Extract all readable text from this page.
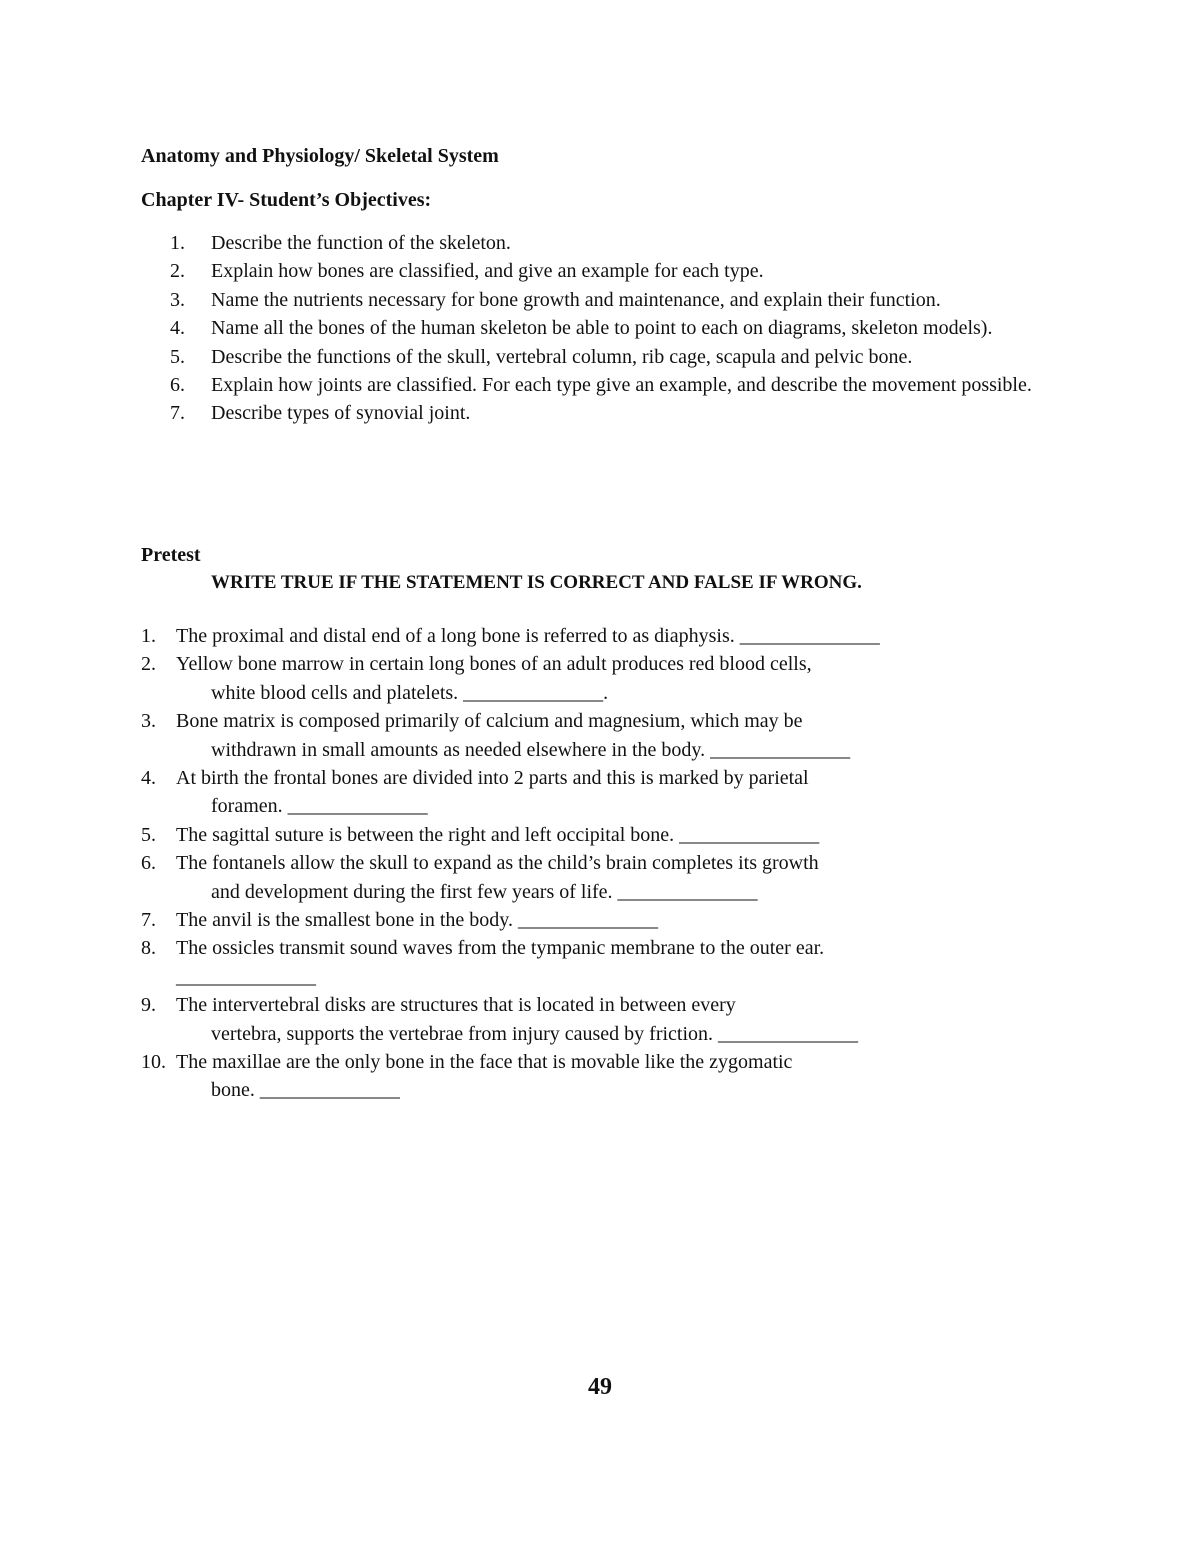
Anatomy and Physiology/ Skeletal System
Chapter IV- Student’s Objectives:
1. Describe the function of the skeleton.
2. Explain how bones are classified, and give an example for each type.
3. Name the nutrients necessary for bone growth and maintenance, and explain their function.
4. Name all the bones of the human skeleton be able to point to each on diagrams, skeleton models).
5. Describe the functions of the skull, vertebral column, rib cage, scapula and pelvic bone.
6. Explain how joints are classified. For each type give an example, and describe the movement possible.
7. Describe types of synovial joint.
Pretest

WRITE TRUE IF THE STATEMENT IS CORRECT AND FALSE IF WRONG.

1. The proximal and distal end of a long bone is referred to as diaphysis. ______________
2. Yellow bone marrow in certain long bones of an adult produces red blood cells,
white blood cells and platelets. ______________.
3. Bone matrix is composed primarily of calcium and magnesium, which may be
withdrawn in small amounts as needed elsewhere in the body. ______________
4. At birth the frontal bones are divided into 2 parts and this is marked by parietal
foramen. ______________
5. The sagittal suture is between the right and left occipital bone. ______________
6. The fontanels allow the skull to expand as the child’s brain completes its growth
and development during the first few years of life. ______________
7. The anvil is the smallest bone in the body. ______________
8. The ossicles transmit sound waves from the tympanic membrane to the outer ear.
______________
9. The intervertebral disks are structures that is located in between every
vertebra, supports the vertebrae from injury caused by friction. ______________
10. The maxillae are the only bone in the face that is movable like the zygomatic
bone. ______________
49
